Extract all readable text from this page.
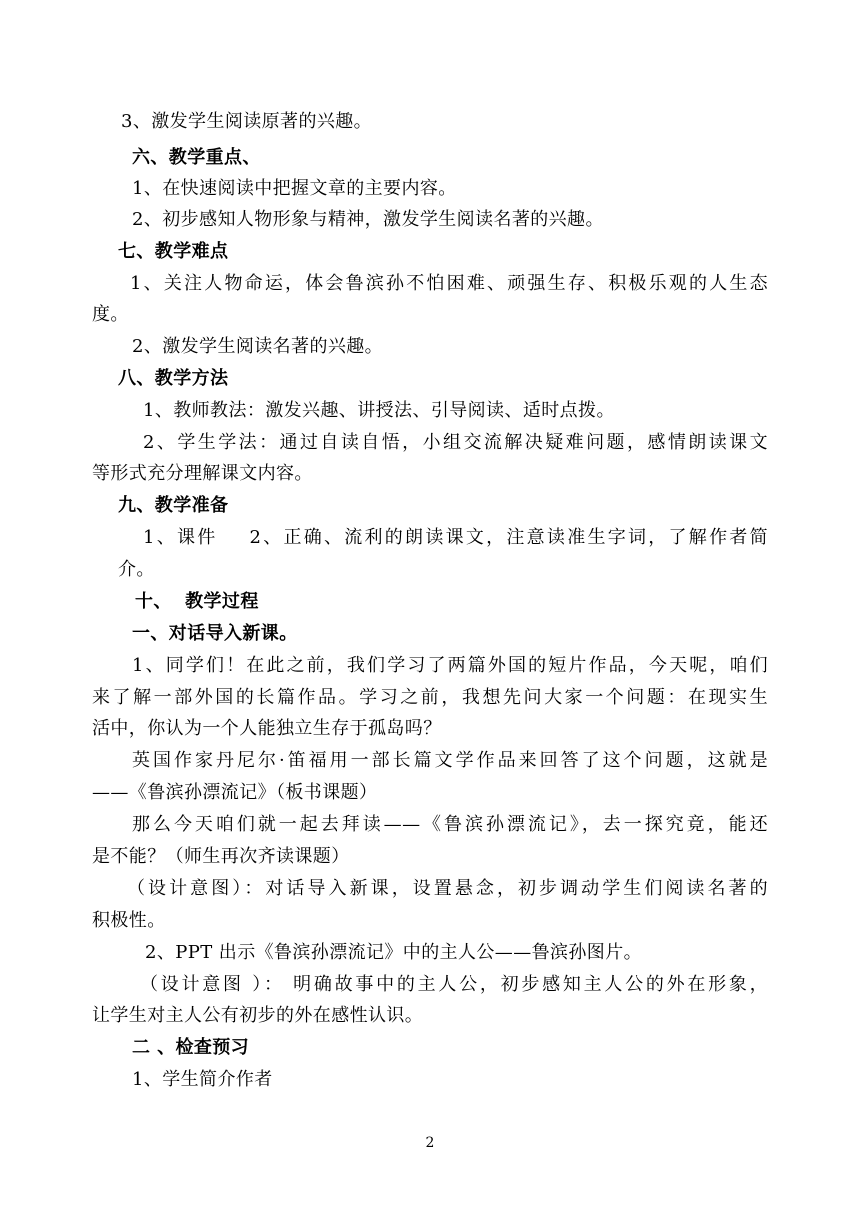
3、激发学生阅读原著的兴趣。
六、教学重点、
1、在快速阅读中把握文章的主要内容。
2、初步感知人物形象与精神，激发学生阅读名著的兴趣。
七、教学难点
1、关注人物命运，体会鲁滨孙不怕困难、顽强生存、积极乐观的人生态
度。
2、激发学生阅读名著的兴趣。
八、教学方法
1、教师教法：激发兴趣、讲授法、引导阅读、适时点拨。
2、学生学法：通过自读自悟，小组交流解决疑难问题，感情朗读课文
等形式充分理解课文内容。
九、教学准备
1、课件    2、正确、流利的朗读课文，注意读准生字词，了解作者简
介。
十、  教学过程
一、对话导入新课。
1、同学们！在此之前，我们学习了两篇外国的短片作品，今天呢，咱们
来了解一部外国的长篇作品。学习之前，我想先问大家一个问题：在现实生
活中，你认为一个人能独立生存于孤岛吗？
英国作家丹尼尔·笛福用一部长篇文学作品来回答了这个问题，这就是
——《鲁滨孙漂流记》（板书课题）
那么今天咱们就一起去拜读——《鲁滨孙漂流记》，去一探究竟，能还
是不能？（师生再次齐读课题）
（设计意图）：对话导入新课，设置悬念，初步调动学生们阅读名著的
积极性。
2、PPT 出示《鲁滨孙漂流记》中的主人公——鲁滨孙图片。
（设计意图 ）： 明确故事中的主人公，初步感知主人公的外在形象，
让学生对主人公有初步的外在感性认识。
二 、检查预习
1、学生简介作者
2
